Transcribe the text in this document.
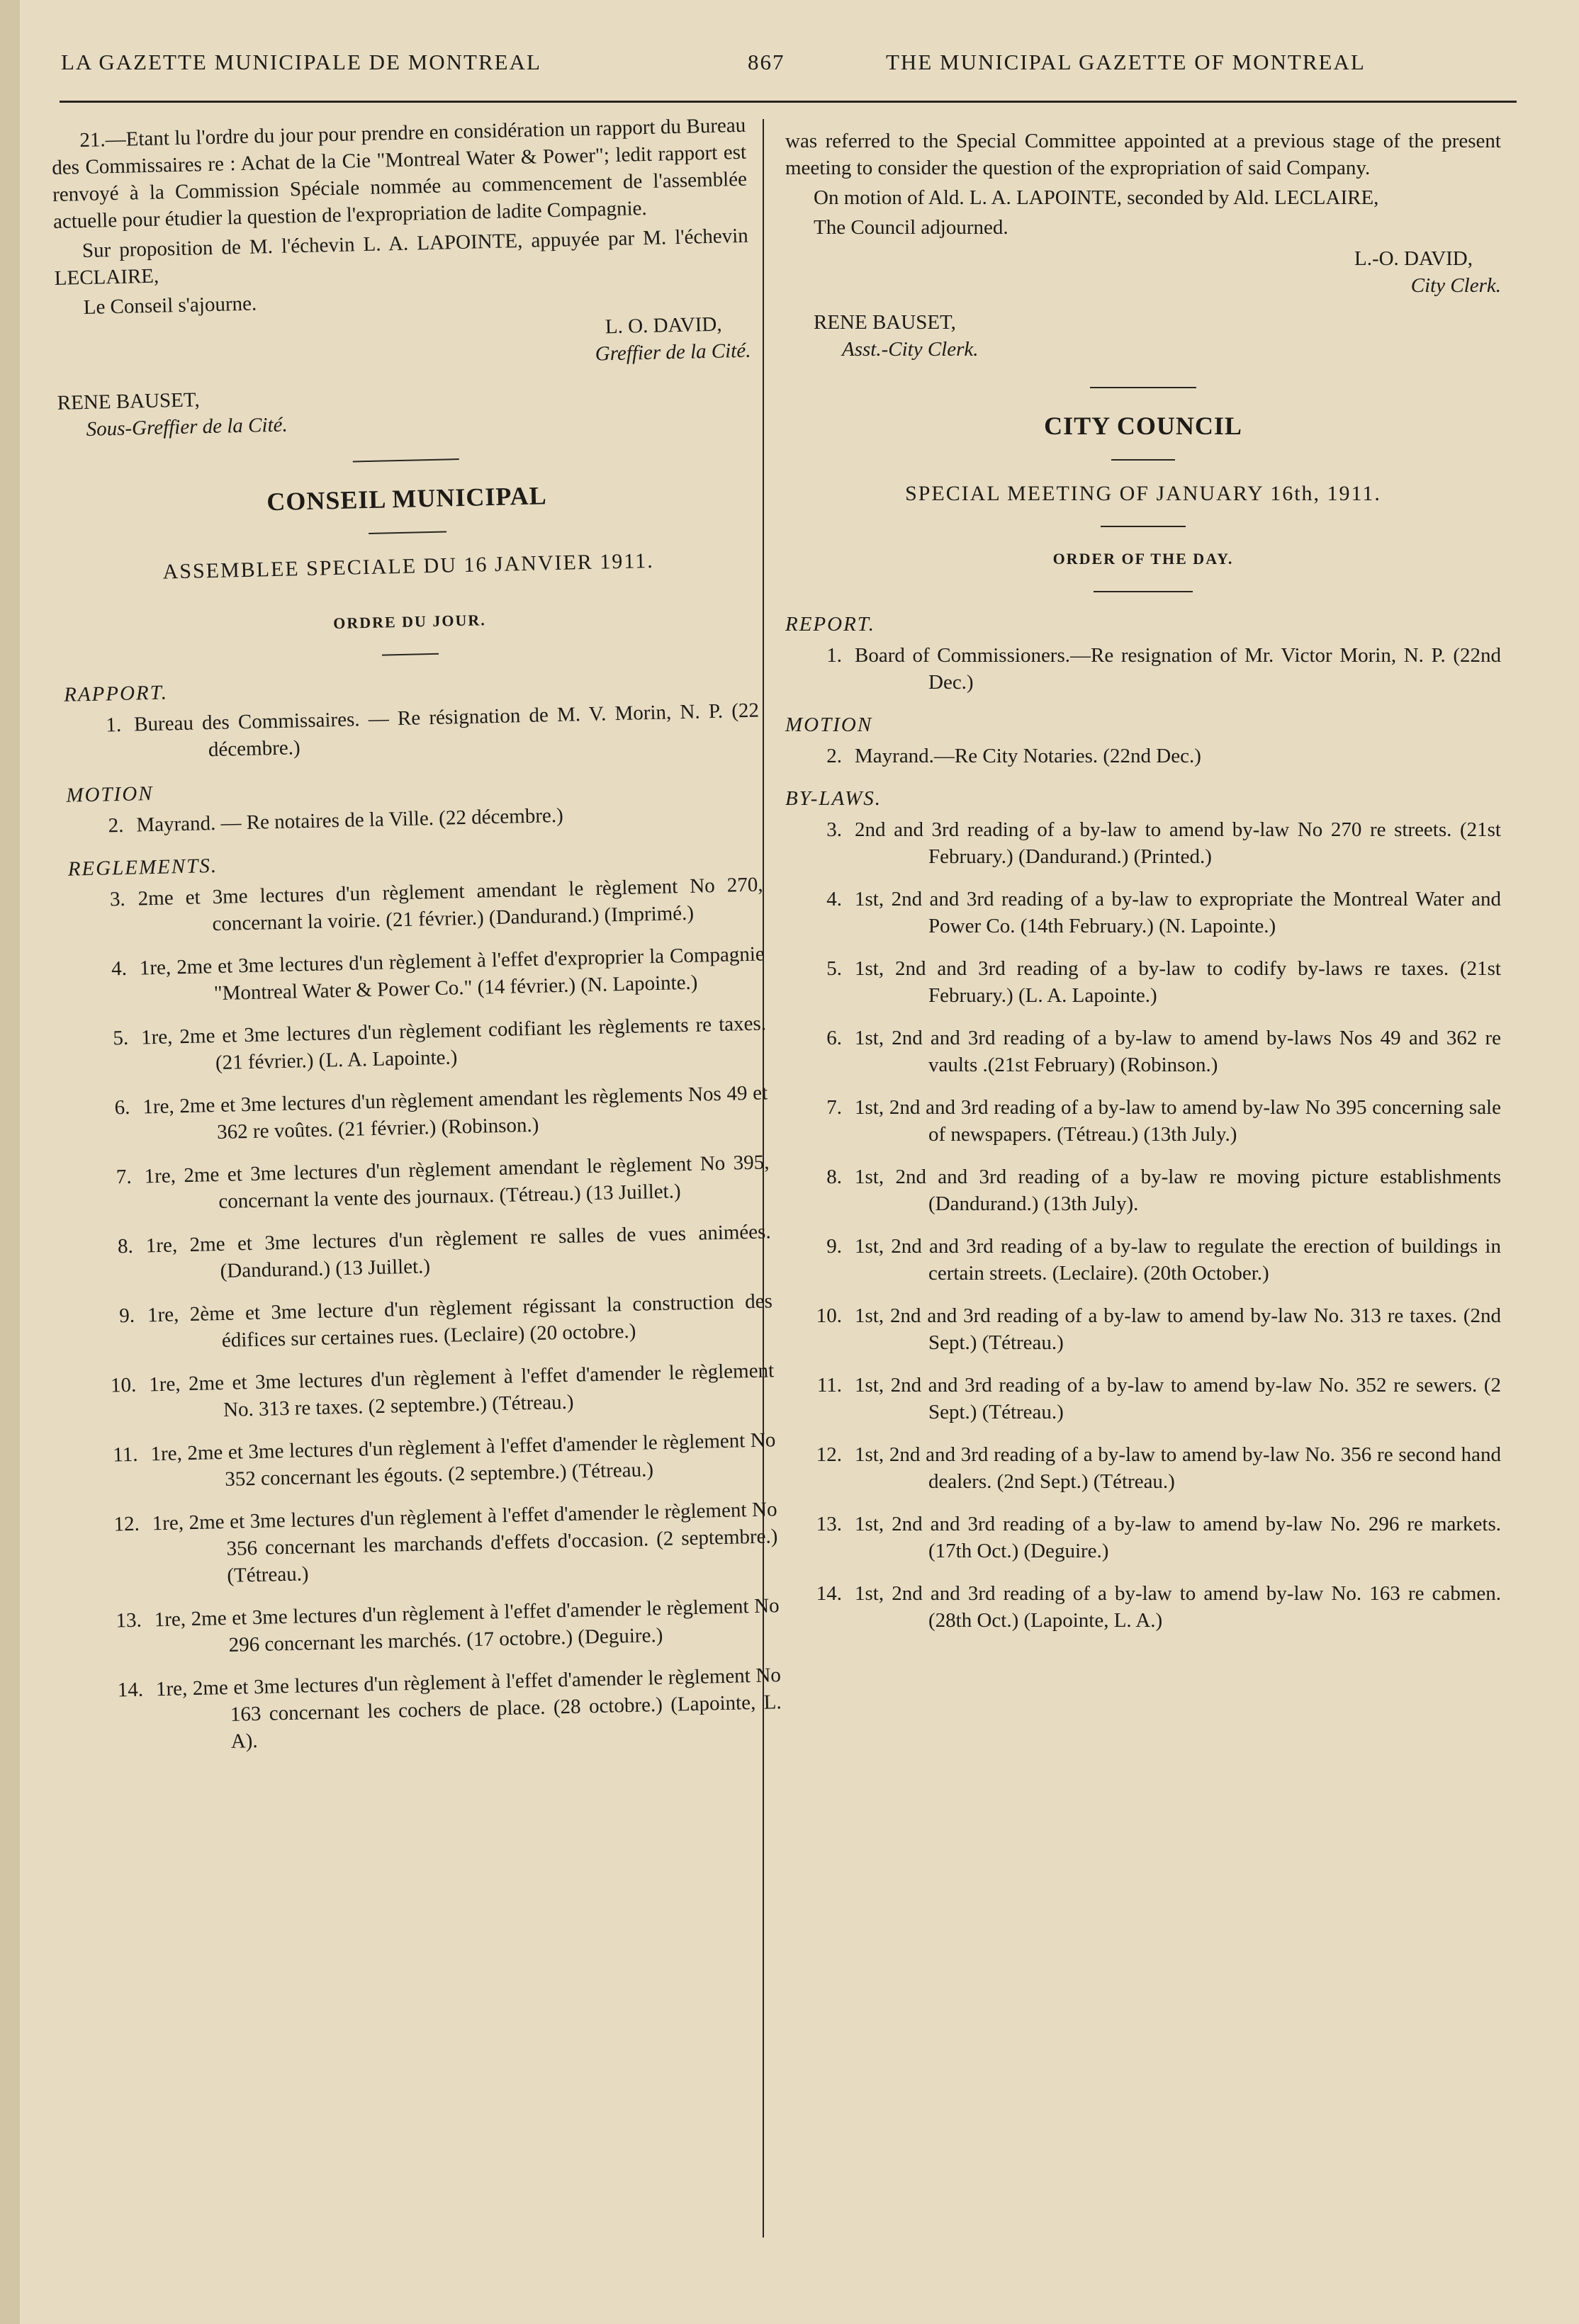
LA GAZETTE MUNICIPALE DE MONTREAL	867	THE MUNICIPAL GAZETTE OF MONTREAL

21.—Etant lu l'ordre du jour pour prendre en considération un rapport du Bureau des Commissaires re : Achat de la Cie "Montreal Water & Power"; ledit rapport est renvoyé à la Commission Spéciale nommée au commencement de l'assemblée actuelle pour étudier la question de l'expropriation de ladite Compagnie.

Sur proposition de M. l'échevin L. A. LAPOINTE, appuyée par M. l'échevin LECLAIRE,

Le Conseil s'ajourne.

L. O. DAVID,
Greffier de la Cité.
RENE BAUSET,
Sous-Greffier de la Cité.
CONSEIL MUNICIPAL
ASSEMBLEE SPECIALE DU 16 JANVIER 1911.
ORDRE DU JOUR.
RAPPORT.
1. Bureau des Commissaires. — Re résignation de M. V. Morin, N. P. (22 décembre.)
MOTION
2. Mayrand. — Re notaires de la Ville. (22 décembre.)
REGLEMENTS.
3. 2me et 3me lectures d'un règlement amendant le règlement No 270, concernant la voirie. (21 février.) (Dandurand.) (Imprimé.)
4. 1re, 2me et 3me lectures d'un règlement à l'effet d'exproprier la Compagnie "Montreal Water & Power Co." (14 février.) (N. Lapointe.)
5. 1re, 2me et 3me lectures d'un règlement codifiant les règlements re taxes. (21 février.) (L. A. Lapointe.)
6. 1re, 2me et 3me lectures d'un règlement amendant les règlements Nos 49 et 362 re voûtes. (21 février.) (Robinson.)
7. 1re, 2me et 3me lectures d'un règlement amendant le règlement No 395, concernant la vente des journaux. (Tétreau.) (13 Juillet.)
8. 1re, 2me et 3me lectures d'un règlement re salles de vues animées. (Dandurand.) (13 Juillet.)
9. 1re, 2ème et 3me lecture d'un règlement régissant la construction des édifices sur certaines rues. (Leclaire) (20 octobre.)
10. 1re, 2me et 3me lectures d'un règlement à l'effet d'amender le règlement No. 313 re taxes. (2 septembre.) (Tétreau.)
11. 1re, 2me et 3me lectures d'un règlement à l'effet d'amender le règlement No 352 concernant les égouts. (2 septembre.) (Tétreau.)
12. 1re, 2me et 3me lectures d'un règlement à l'effet d'amender le règlement No 356 concernant les marchands d'effets d'occasion. (2 septembre.) (Tétreau.)
13. 1re, 2me et 3me lectures d'un règlement à l'effet d'amender le règlement No 296 concernant les marchés. (17 octobre.) (Deguire.)
14. 1re, 2me et 3me lectures d'un règlement à l'effet d'amender le règlement No 163 concernant les cochers de place. (28 octobre.) (Lapointe, L. A).

was referred to the Special Committee appointed at a previous stage of the present meeting to consider the question of the expropriation of said Company.

On motion of Ald. L. A. LAPOINTE, seconded by Ald. LECLAIRE,

The Council adjourned.

L.-O. DAVID,
City Clerk.
RENE BAUSET,
Asst.-City Clerk.
CITY COUNCIL
SPECIAL MEETING OF JANUARY 16th, 1911.
ORDER OF THE DAY.
REPORT.
1. Board of Commissioners.—Re resignation of Mr. Victor Morin, N. P. (22nd Dec.)
MOTION
2. Mayrand.—Re City Notaries. (22nd Dec.)
BY-LAWS.
3. 2nd and 3rd reading of a by-law to amend by-law No 270 re streets. (21st February.) (Dandurand.) (Printed.)
4. 1st, 2nd and 3rd reading of a by-law to expropriate the Montreal Water and Power Co. (14th February.) (N. Lapointe.)
5. 1st, 2nd and 3rd reading of a by-law to codify by-laws re taxes. (21st February.) (L. A. Lapointe.)
6. 1st, 2nd and 3rd reading of a by-law to amend by-laws Nos 49 and 362 re vaults .(21st February) (Robinson.)
7. 1st, 2nd and 3rd reading of a by-law to amend by-law No 395 concerning sale of newspapers. (Tétreau.) (13th July.)
8. 1st, 2nd and 3rd reading of a by-law re moving picture establishments (Dandurand.) (13th July).
9. 1st, 2nd and 3rd reading of a by-law to regulate the erection of buildings in certain streets. (Leclaire). (20th October.)
10. 1st, 2nd and 3rd reading of a by-law to amend by-law No. 313 re taxes. (2nd Sept.) (Tétreau.)
11. 1st, 2nd and 3rd reading of a by-law to amend by-law No. 352 re sewers. (2 Sept.) (Tétreau.)
12. 1st, 2nd and 3rd reading of a by-law to amend by-law No. 356 re second hand dealers. (2nd Sept.) (Tétreau.)
13. 1st, 2nd and 3rd reading of a by-law to amend by-law No. 296 re markets. (17th Oct.) (Deguire.)
14. 1st, 2nd and 3rd reading of a by-law to amend by-law No. 163 re cabmen. (28th Oct.) (Lapointe, L. A.)
